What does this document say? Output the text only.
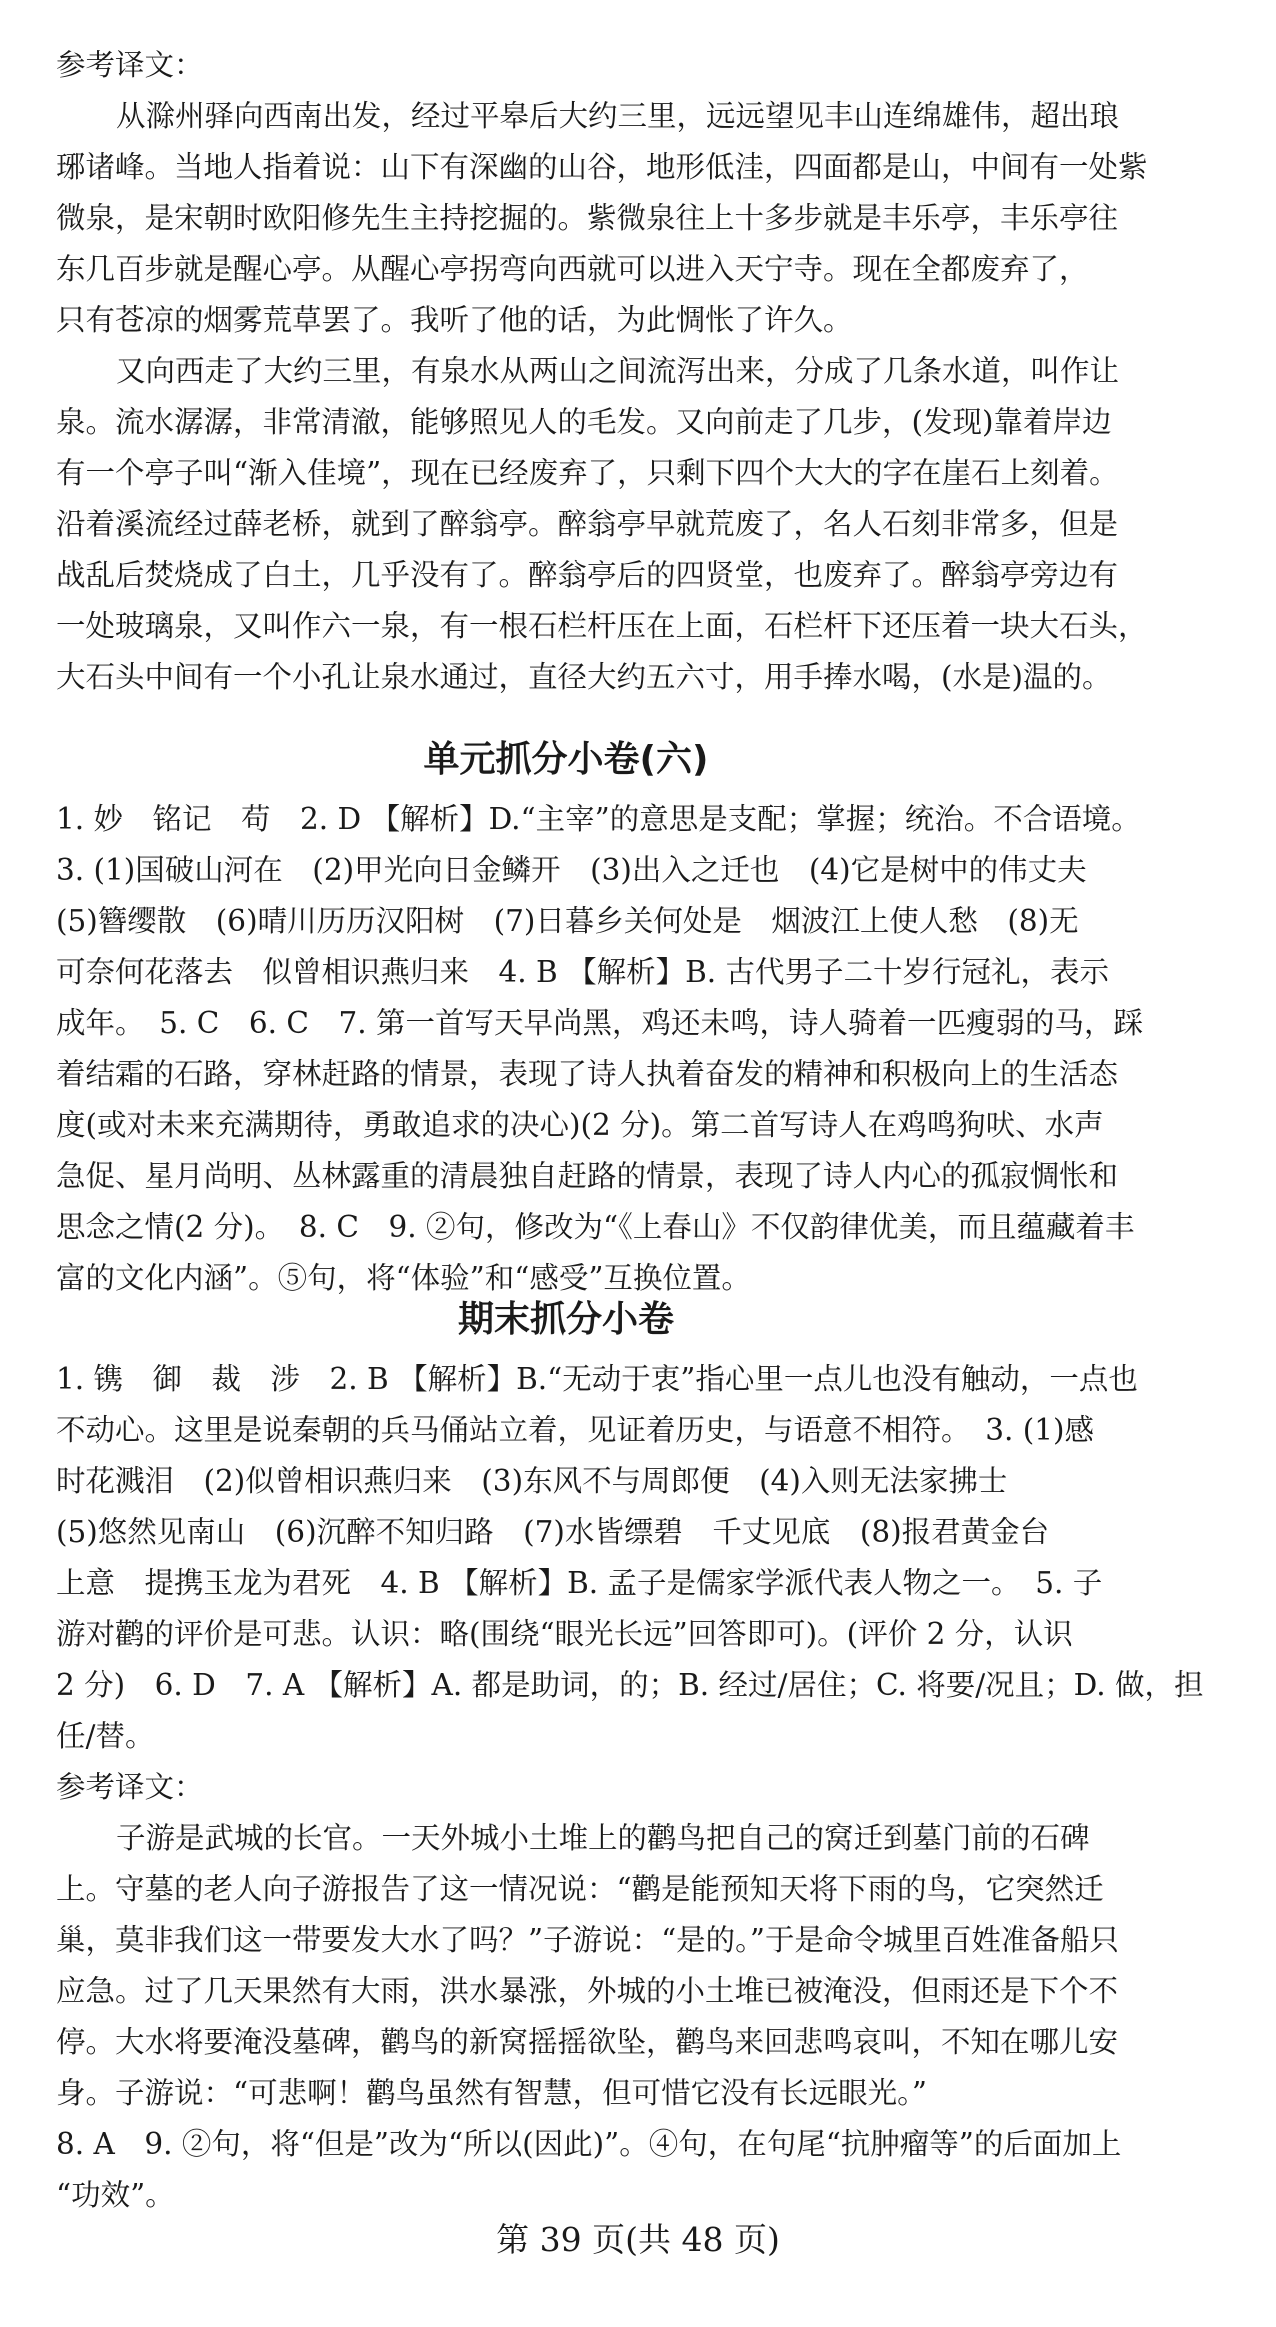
参考译文：
从滁州驿向西南出发，经过平皋后大约三里，远远望见丰山连绵雄伟，超出琅
琊诸峰。当地人指着说：山下有深幽的山谷，地形低洼，四面都是山，中间有一处紫
微泉，是宋朝时欧阳修先生主持挖掘的。紫微泉往上十多步就是丰乐亭，丰乐亭往
东几百步就是醒心亭。从醒心亭拐弯向西就可以进入天宁寺。现在全都废弃了，
只有苍凉的烟雾荒草罢了。我听了他的话，为此惆怅了许久。
又向西走了大约三里，有泉水从两山之间流泻出来，分成了几条水道，叫作让
泉。流水潺潺，非常清澈，能够照见人的毛发。又向前走了几步，(发现)靠着岸边
有一个亭子叫“渐入佳境”，现在已经废弃了，只剩下四个大大的字在崖石上刻着。
沿着溪流经过薛老桥，就到了醉翁亭。醉翁亭早就荒废了，名人石刻非常多，但是
战乱后焚烧成了白土，几乎没有了。醉翁亭后的四贤堂，也废弃了。醉翁亭旁边有
一处玻璃泉，又叫作六一泉，有一根石栏杆压在上面，石栏杆下还压着一块大石头，
大石头中间有一个小孔让泉水通过，直径大约五六寸，用手捧水喝，(水是)温的。
单元抓分小卷(六)
1. 妙　铭记　苟　2. D 【解析】D.“主宰”的意思是支配；掌握；统治。不合语境。
3. (1)国破山河在　(2)甲光向日金鳞开　(3)出入之迁也　(4)它是树中的伟丈夫
(5)簪缨散　(6)晴川历历汉阳树　(7)日暮乡关何处是　烟波江上使人愁　(8)无
可奈何花落去　似曾相识燕归来　4. B 【解析】B. 古代男子二十岁行冠礼，表示
成年。　5. C　6. C　7. 第一首写天早尚黑，鸡还未鸣，诗人骑着一匹瘦弱的马，踩
着结霜的石路，穿林赶路的情景，表现了诗人执着奋发的精神和积极向上的生活态
度(或对未来充满期待，勇敢追求的决心)(2 分)。第二首写诗人在鸡鸣狗吠、水声
急促、星月尚明、丛林露重的清晨独自赶路的情景，表现了诗人内心的孤寂惆怅和
思念之情(2 分)。　8. C　9. ②句，修改为“《上春山》不仅韵律优美，而且蕴藏着丰
富的文化内涵”。⑤句，将“体验”和“感受”互换位置。
期末抓分小卷
1. 镌　御　裁　涉　2. B 【解析】B.“无动于衷”指心里一点儿也没有触动，一点也
不动心。这里是说秦朝的兵马俑站立着，见证着历史，与语意不相符。　3. (1)感
时花溅泪　(2)似曾相识燕归来　(3)东风不与周郎便　(4)入则无法家拂士
(5)悠然见南山　(6)沉醉不知归路　(7)水皆缥碧　千丈见底　(8)报君黄金台
上意　提携玉龙为君死　4. B 【解析】B. 孟子是儒家学派代表人物之一。　5. 子
游对鹳的评价是可悲。认识：略(围绕“眼光长远”回答即可)。(评价 2 分，认识
2 分)　6. D　7. A 【解析】A. 都是助词，的；B. 经过/居住；C. 将要/况且；D. 做，担
任/替。
参考译文：
子游是武城的长官。一天外城小土堆上的鹳鸟把自己的窝迁到墓门前的石碑
上。守墓的老人向子游报告了这一情况说：“鹳是能预知天将下雨的鸟，它突然迁
巢，莫非我们这一带要发大水了吗？”子游说：“是的。”于是命令城里百姓准备船只
应急。过了几天果然有大雨，洪水暴涨，外城的小土堆已被淹没，但雨还是下个不
停。大水将要淹没墓碑，鹳鸟的新窝摇摇欲坠，鹳鸟来回悲鸣哀叫，不知在哪儿安
身。子游说：“可悲啊！鹳鸟虽然有智慧，但可惜它没有长远眼光。”
8. A　9. ②句，将“但是”改为“所以(因此)”。④句，在句尾“抗肿瘤等”的后面加上
“功效”。
第 39 页(共 48 页)
